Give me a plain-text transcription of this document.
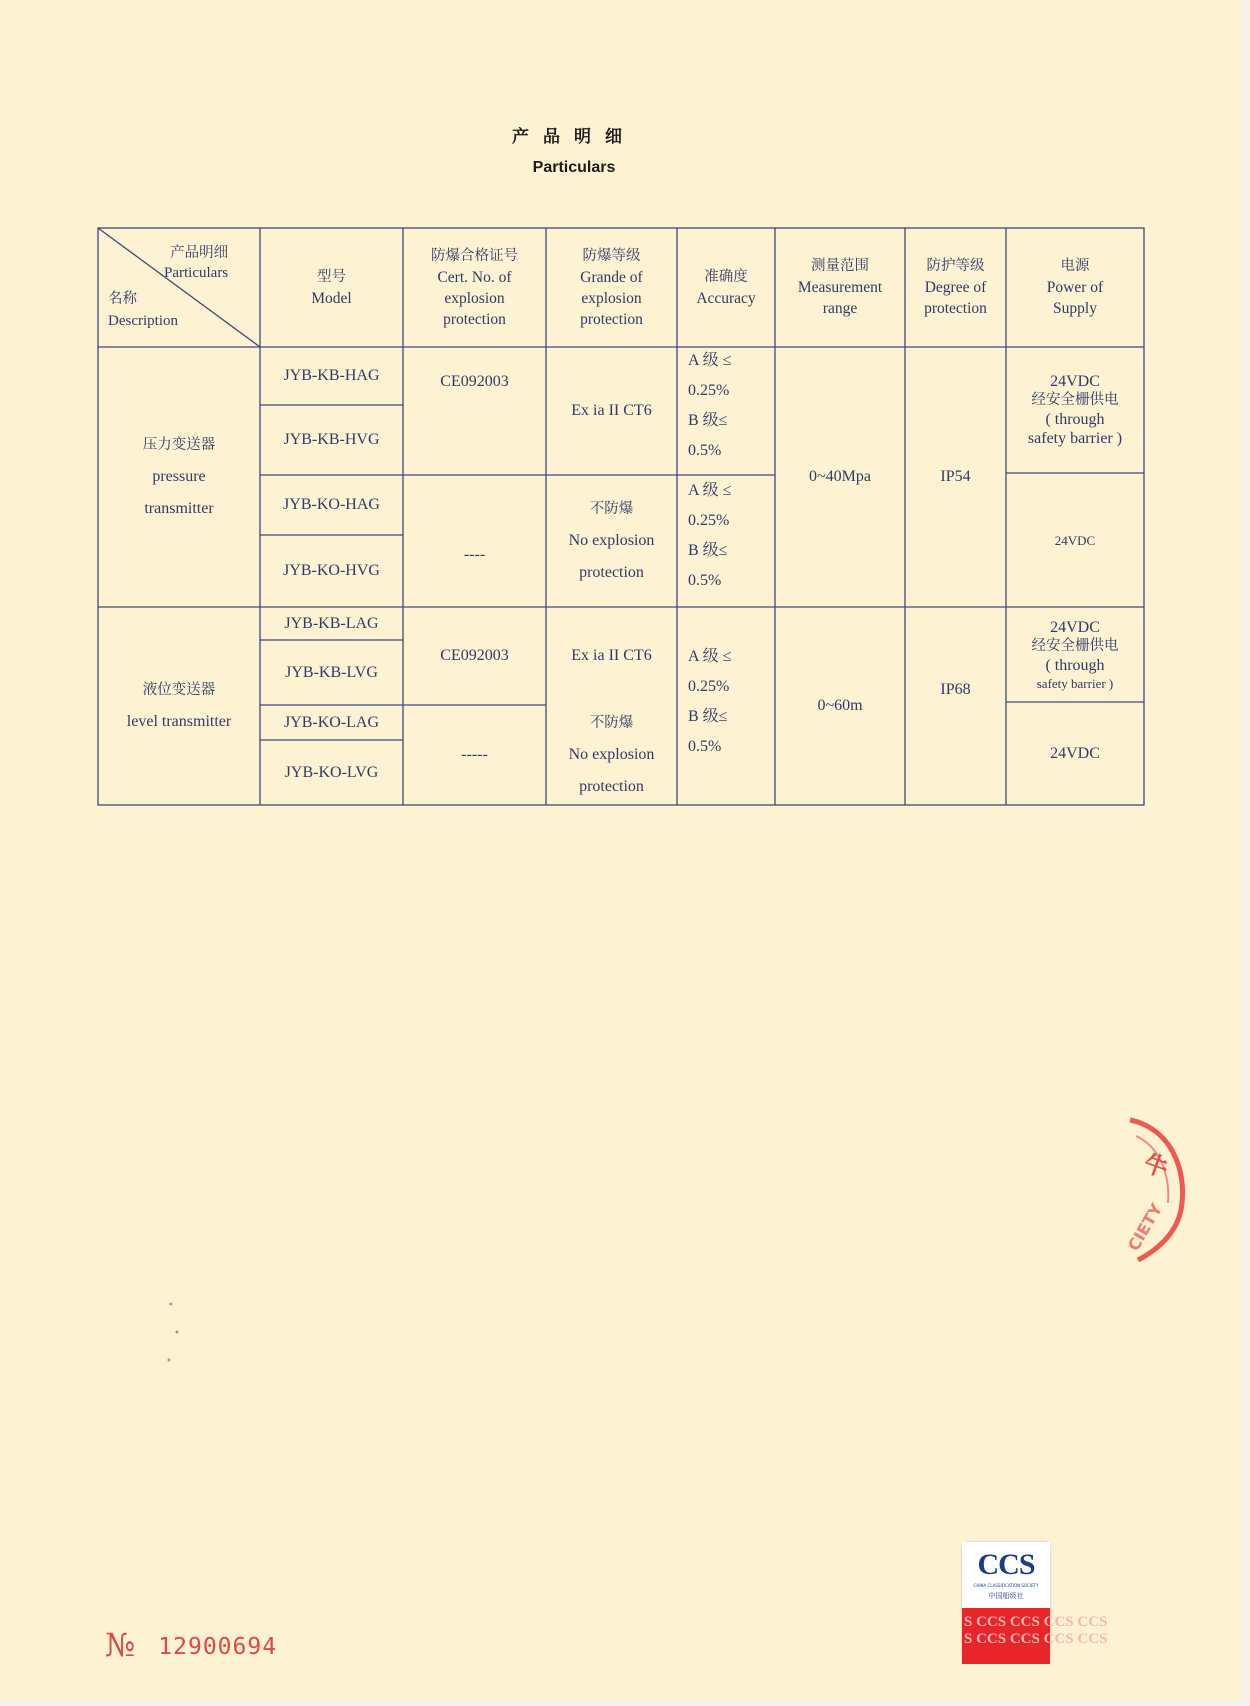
产品明细
Particulars
产品明细
Particulars
名称
Description
型号
Model
防爆合格证号
Cert. No. of
explosion
protection
防爆等级
Grande of
explosion
protection
准确度
Accuracy
测量范围
Measurement
range
防护等级
Degree of
protection
电源
Power of
Supply
压力变送器
pressure
transmitter
JYB-KB-HAG
JYB-KB-HVG
JYB-KO-HAG
JYB-KO-HVG
CE092003
----
Ex ia II CT6
不防爆
No explosion
protection
A 级 ≤
0.25%
B 级≤
0.5%
A 级 ≤
0.25%
B 级≤
0.5%
0~40Mpa	IP54
24VDC
经安全栅供电
( through
safety barrier )
24VDC
液位变送器
level transmitter
JYB-KB-LAG
JYB-KB-LVG
JYB-KO-LAG
JYB-KO-LVG
CE092003
-----
Ex ia II CT6
不防爆
No explosion
protection
A 级 ≤
0.25%
B 级≤
0.5%
0~60m
IP68
24VDC
经安全栅供电
( through
safety barrier )
24VDC
牛
CIETY
•
•
•
№ 12900694
CCS
CHINA CLASSIFICATION SOCIETY
中国船级社
S CCS CCS CCS CCS
S CCS CCS CCS CCS
